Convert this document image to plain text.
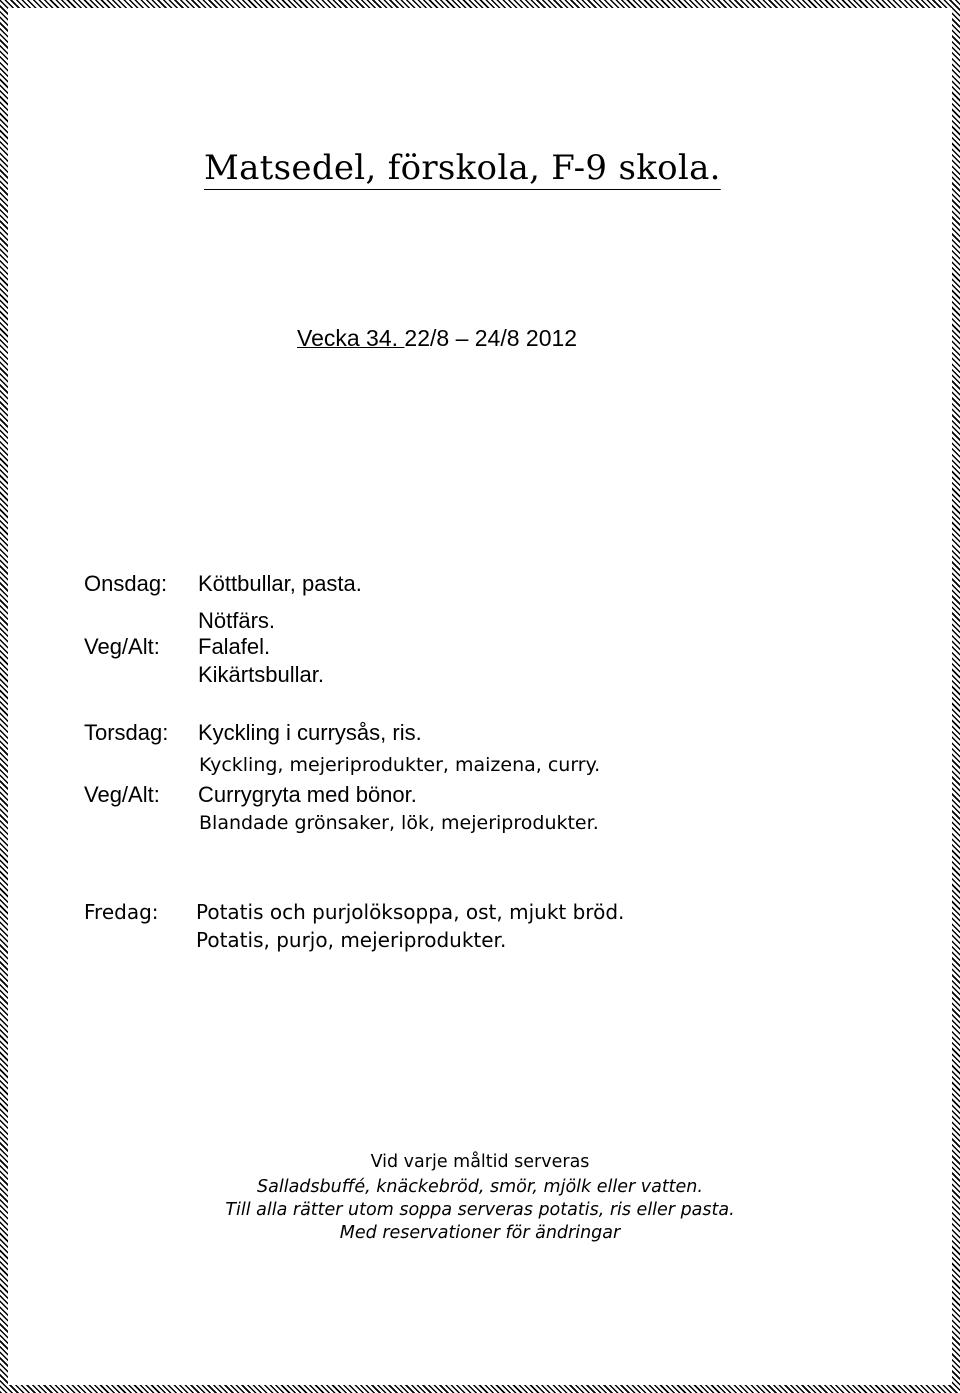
Matsedel, förskola, F-9 skola.
Vecka 34. 22/8 – 24/8 2012
Onsdag: Köttbullar, pasta.
Nötfärs.
Veg/Alt: Falafel.
Kikärtsbullar.
Torsdag: Kyckling i currysås, ris.
Kyckling, mejeriprodukter, maizena, curry.
Veg/Alt: Currygryta med bönor.
Blandade grönsaker, lök, mejeriprodukter.
Fredag: Potatis och purjolöksoppa, ost, mjukt bröd.
Potatis, purjo, mejeriprodukter.
Vid varje måltid serveras
Salladsbuffé, knäckebröd, smör, mjölk eller vatten.
Till alla rätter utom soppa serveras potatis, ris eller pasta.
Med reservationer för ändringar
